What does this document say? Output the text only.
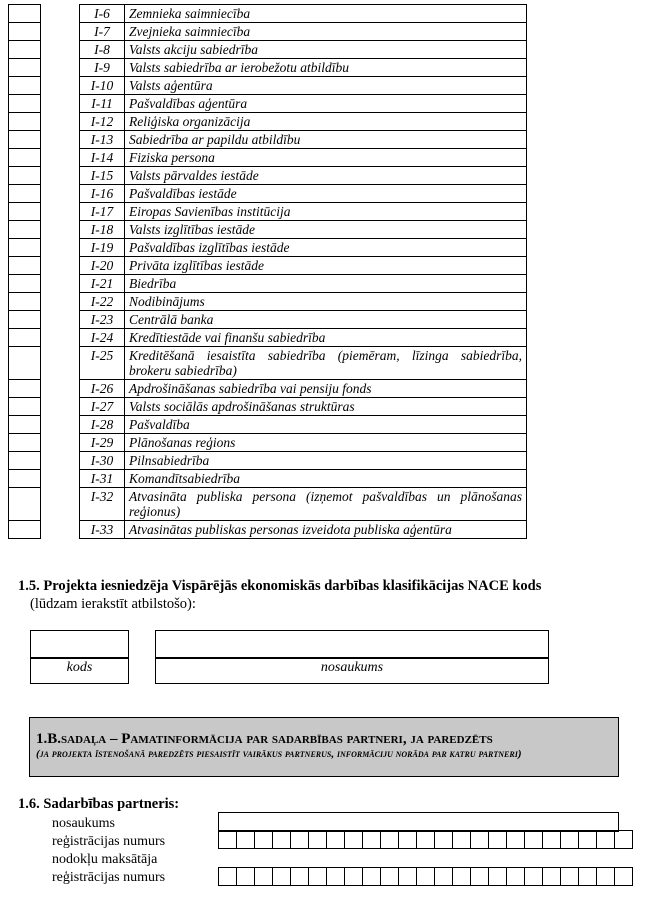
		I-6	Zemnieka saimniecība
		I-7	Zvejnieka saimniecība
		I-8	Valsts akciju sabiedrība
		I-9	Valsts sabiedrība ar ierobežotu atbildību
		I-10	Valsts aģentūra
		I-11	Pašvaldības aģentūra
		I-12	Reliģiska organizācija
		I-13	Sabiedrība ar papildu atbildību
		I-14	Fiziska persona
		I-15	Valsts pārvaldes iestāde
		I-16	Pašvaldības iestāde
		I-17	Eiropas Savienības institūcija
		I-18	Valsts izglītības iestāde
		I-19	Pašvaldības izglītības iestāde
		I-20	Privāta izglītības iestāde
		I-21	Biedrība
		I-22	Nodibinājums
		I-23	Centrālā banka
		I-24	Kredītiestāde vai finanšu sabiedrība
		I-25	Kreditēšanā iesaistīta sabiedrība (piemēram, līzinga sabiedrība, brokeru sabiedrība)
		I-26	Apdrošināšanas sabiedrība vai pensiju fonds
		I-27	Valsts sociālās apdrošināšanas struktūras
		I-28	Pašvaldība
		I-29	Plānošanas reģions
		I-30	Pilnsabiedrība
		I-31	Komandītsabiedrība
		I-32	Atvasināta publiska persona (izņemot pašvaldības un plānošanas reģionus)
		I-33	Atvasinātas publiskas personas izveidota publiska aģentūra
1.5. Projekta iesniedzēja Vispārējās ekonomiskās darbības klasifikācijas NACE kods
(lūdzam ierakstīt atbilstošo):
kods	nosaukums
1.B.sadaļa – Pamatinformācija par sadarbības partneri, ja paredzēts
(ja projekta īstenošanā paredzēts piesaistīt vairākus partnerus, informāciju norāda par katru partneri)
1.6. Sadarbības partneris:
nosaukums
reģistrācijas numurs
nodokļu maksātāja
reģistrācijas numurs
